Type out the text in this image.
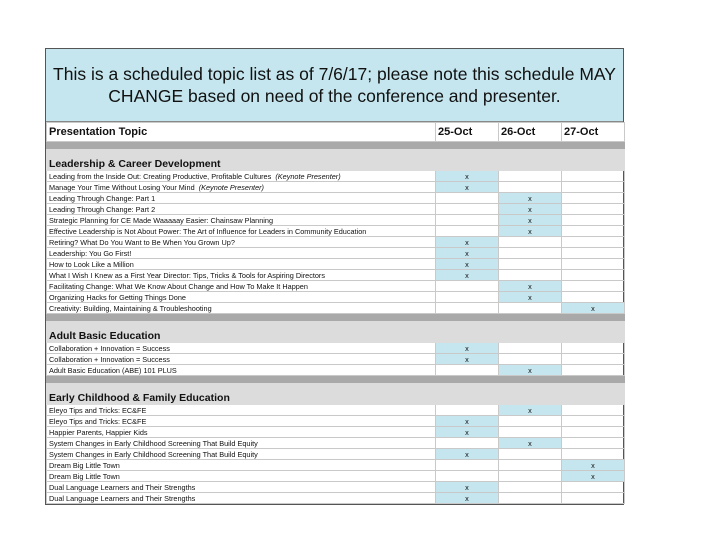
This is a scheduled topic list as of 7/6/17; please note this schedule MAY CHANGE based on need of the conference and presenter.
Presentation Topic	25-Oct	26-Oct	27-Oct

Leadership & Career Development			
Leading from the Inside Out: Creating Productive, Profitable Cultures (Keynote Presenter)	x		
Manage Your Time Without Losing Your Mind (Keynote Presenter)	x		
Leading Through Change: Part 1		x	
Leading Through Change: Part 2		x	
Strategic Planning for CE Made Waaaaay Easier: Chainsaw Planning		x	
Effective Leadership is Not About Power: The Art of Influence for Leaders in Community Education		x	
Retiring? What Do You Want to Be When You Grown Up?	x		
Leadership: You Go First!	x		
How to Look Like a Million	x		
What I Wish I Knew as a First Year Director: Tips, Tricks & Tools for Aspiring Directors	x		
Facilitating Change: What We Know About Change and How To Make It Happen		x	
Organizing Hacks for Getting Things Done		x	
Creativity: Building, Maintaining & Troubleshooting			x

Adult Basic Education			
Collaboration + Innovation = Success	x		
Collaboration + Innovation = Success	x		
Adult Basic Education (ABE) 101 PLUS		x	

Early Childhood & Family Education			
Eleyo Tips and Tricks: EC&FE		x	
Eleyo Tips and Tricks: EC&FE	x		
Happier Parents, Happier Kids	x		
System Changes in Early Childhood Screening That Build Equity		x	
System Changes in Early Childhood Screening That Build Equity	x		
Dream Big Little Town			x
Dream Big Little Town			x
Dual Language Learners and Their Strengths	x		
Dual Language Learners and Their Strengths	x		
